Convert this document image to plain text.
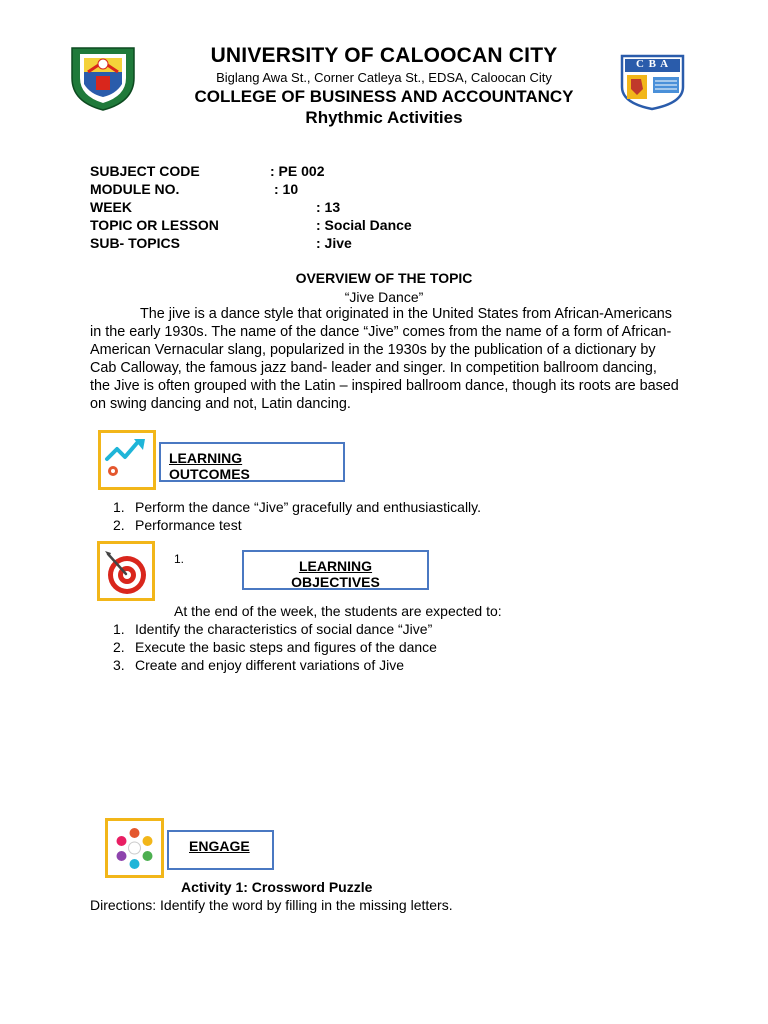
C B A
UNIVERSITY OF CALOOCAN CITY
Biglang Awa St., Corner Catleya St., EDSA, Caloocan City
COLLEGE OF BUSINESS AND ACCOUNTANCY
Rhythmic Activities
SUBJECT CODE	: PE 002
MODULE NO.	: 10
WEEK	: 13
TOPIC OR LESSON	: Social Dance
SUB- TOPICS	: Jive
OVERVIEW OF THE TOPIC
“Jive Dance”

The jive is a dance style that originated in the United States from African-Americans in the early 1930s. The name of the dance “Jive” comes from the name of a form of African-American Vernacular slang, popularized in the 1930s by the publication of a dictionary by Cab Calloway, the famous jazz band- leader and singer. In competition ballroom dancing, the Jive is often grouped with the Latin – inspired ballroom dance, though its roots are based on swing dancing and not, Latin dancing.

LEARNING OUTCOMES
1. Perform the dance “Jive” gracefully and enthusiastically.
2. Performance test
1.	LEARNING OBJECTIVES
At the end of the week, the students are expected to:
1. Identify the characteristics of social dance “Jive”
2. Execute the basic steps and figures of the dance
3. Create and enjoy different variations of Jive
ENGAGE
Activity 1: Crossword Puzzle
Directions: Identify the word by filling in the missing letters.
